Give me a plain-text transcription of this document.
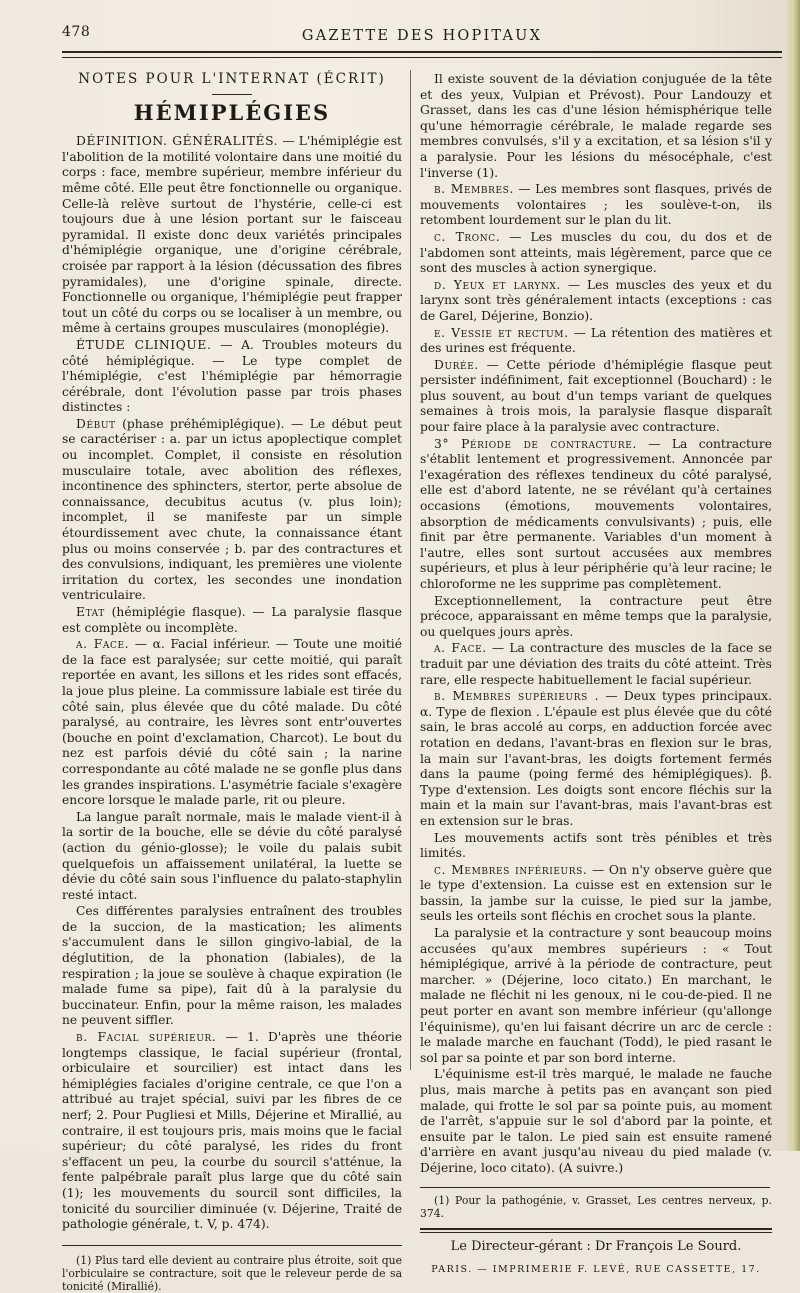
478	GAZETTE DES HOPITAUX
NOTES POUR L'INTERNAT (ÉCRIT)
HÉMIPLÉGIES

DÉFINITION. GÉNÉRALITÉS. — L'hémiplégie est l'abolition de la motilité volontaire dans une moitié du corps : face, membre supérieur, membre inférieur du même côté. Elle peut être fonctionnelle ou organique. Celle-là relève surtout de l'hystérie, celle-ci est toujours due à une lésion portant sur le faisceau pyramidal. Il existe donc deux variétés principales d'hémiplégie organique, une d'origine cérébrale, croisée par rapport à la lésion (décussation des fibres pyramidales), une d'origine spinale, directe. Fonctionnelle ou organique, l'hémiplégie peut frapper tout un côté du corps ou se localiser à un membre, ou même à certains groupes musculaires (monoplégie).

ÉTUDE CLINIQUE. — A. Troubles moteurs du côté hémiplégique. — Le type complet de l'hémiplégie, c'est l'hémiplégie par hémorragie cérébrale, dont l'évolution passe par trois phases distinctes :

Début (phase préhémiplégique). — Le début peut se caractériser : a. par un ictus apoplectique complet ou incomplet. Complet, il consiste en résolution musculaire totale, avec abolition des réflexes, incontinence des sphincters, stertor, perte absolue de connaissance, decubitus acutus (v. plus loin); incomplet, il se manifeste par un simple étourdissement avec chute, la connaissance étant plus ou moins conservée ; b. par des contractures et des convulsions, indiquant, les premières une violente irritation du cortex, les secondes une inondation ventriculaire.

Etat (hémiplégie flasque). — La paralysie flasque est complète ou incomplète.

a. Face. — α. Facial inférieur. — Toute une moitié de la face est paralysée; sur cette moitié, qui paraît reportée en avant, les sillons et les rides sont effacés, la joue plus pleine. La commissure labiale est tirée du côté sain, plus élevée que du côté malade. Du côté paralysé, au contraire, les lèvres sont entr'ouvertes (bouche en point d'exclamation, Charcot). Le bout du nez est parfois dévié du côté sain ; la narine correspondante au côté malade ne se gonfle plus dans les grandes inspirations. L'asymétrie faciale s'exagère encore lorsque le malade parle, rit ou pleure.

La langue paraît normale, mais le malade vient-il à la sortir de la bouche, elle se dévie du côté paralysé (action du génio-glosse); le voile du palais subit quelquefois un affaissement unilatéral, la luette se dévie du côté sain sous l'influence du palato-staphylin resté intact.

Ces différentes paralysies entraînent des troubles de la succion, de la mastication; les aliments s'accumulent dans le sillon gingivo-labial, de la déglutition, de la phonation (labiales), de la respiration ; la joue se soulève à chaque expiration (le malade fume sa pipe), fait dû à la paralysie du buccinateur. Enfin, pour la même raison, les malades ne peuvent siffler.

β. Facial supérieur. — 1. D'après une théorie longtemps classique, le facial supérieur (frontal, orbiculaire et sourcilier) est intact dans les hémiplégies faciales d'origine centrale, ce que l'on a attribué au trajet spécial, suivi par les fibres de ce nerf; 2. Pour Pugliesi et Mills, Déjerine et Mirallié, au contraire, il est toujours pris, mais moins que le facial supérieur; du côté paralysé, les rides du front s'effacent un peu, la courbe du sourcil s'atténue, la fente palpébrale paraît plus large que du côté sain (1); les mouvements du sourcil sont difficiles, la tonicité du sourcilier diminuée (v. Déjerine, Traité de pathologie générale, t. V, p. 474).

(1) Plus tard elle devient au contraire plus étroite, soit que l'orbiculaire se contracture, soit que le releveur perde de sa tonicité (Mirallié).

Il existe souvent de la déviation conjuguée de la tête et des yeux, Vulpian et Prévost). Pour Landouzy et Grasset, dans les cas d'une lésion hémisphérique telle qu'une hémorragie cérébrale, le malade regarde ses membres convulsés, s'il y a excitation, et sa lésion s'il y a paralysie. Pour les lésions du mésocéphale, c'est l'inverse (1).

b. Membres. — Les membres sont flasques, privés de mouvements volontaires ; les soulève-t-on, ils retombent lourdement sur le plan du lit.

c. Tronc. — Les muscles du cou, du dos et de l'abdomen sont atteints, mais légèrement, parce que ce sont des muscles à action synergique.

d. Yeux et larynx. — Les muscles des yeux et du larynx sont très généralement intacts (exceptions : cas de Garel, Déjerine, Bonzio).

e. Vessie et rectum. — La rétention des matières et des urines est fréquente.

Durée. — Cette période d'hémiplégie flasque peut persister indéfiniment, fait exceptionnel (Bouchard) : le plus souvent, au bout d'un temps variant de quelques semaines à trois mois, la paralysie flasque disparaît pour faire place à la paralysie avec contracture.

3° Période de contracture. — La contracture s'établit lentement et progressivement. Annoncée par l'exagération des réflexes tendineux du côté paralysé, elle est d'abord latente, ne se révélant qu'à certaines occasions (émotions, mouvements volontaires, absorption de médicaments convulsivants) ; puis, elle finit par être permanente. Variables d'un moment à l'autre, elles sont surtout accusées aux membres supérieurs, et plus à leur périphérie qu'à leur racine; le chloroforme ne les supprime pas complètement.

Exceptionnellement, la contracture peut être précoce, apparaissant en même temps que la paralysie, ou quelques jours après.

a. Face. — La contracture des muscles de la face se traduit par une déviation des traits du côté atteint. Très rare, elle respecte habituellement le facial supérieur.

b. Membres supérieurs . — Deux types principaux. α. Type de flexion . L'épaule est plus élevée que du côté sain, le bras accolé au corps, en adduction forcée avec rotation en dedans, l'avant-bras en flexion sur le bras, la main sur l'avant-bras, les doigts fortement fermés dans la paume (poing fermé des hémiplégiques). β. Type d'extension. Les doigts sont encore fléchis sur la main et la main sur l'avant-bras, mais l'avant-bras est en extension sur le bras.

Les mouvements actifs sont très pénibles et très limités.

c. Membres inférieurs. — On n'y observe guère que le type d'extension. La cuisse est en extension sur le bassin, la jambe sur la cuisse, le pied sur la jambe, seuls les orteils sont fléchis en crochet sous la plante.

La paralysie et la contracture y sont beaucoup moins accusées qu'aux membres supérieurs : « Tout hémiplégique, arrivé à la période de contracture, peut marcher. » (Déjerine, loco citato.) En marchant, le malade ne fléchit ni les genoux, ni le cou-de-pied. Il ne peut porter en avant son membre inférieur (qu'allonge l'équinisme), qu'en lui faisant décrire un arc de cercle : le malade marche en fauchant (Todd), le pied rasant le sol par sa pointe et par son bord interne.

L'équinisme est-il très marqué, le malade ne fauche plus, mais marche à petits pas en avançant son pied malade, qui frotte le sol par sa pointe puis, au moment de l'arrêt, s'appuie sur le sol d'abord par la pointe, et ensuite par le talon. Le pied sain est ensuite ramené d'arrière en avant jusqu'au niveau du pied malade (v. Déjerine, loco citato). (A suivre.)

(1) Pour la pathogénie, v. Grasset, Les centres nerveux, p. 374.
Le Directeur-gérant : Dr François Le Sourd.
PARIS. — IMPRIMERIE F. LEVÉ, RUE CASSETTE, 17.
